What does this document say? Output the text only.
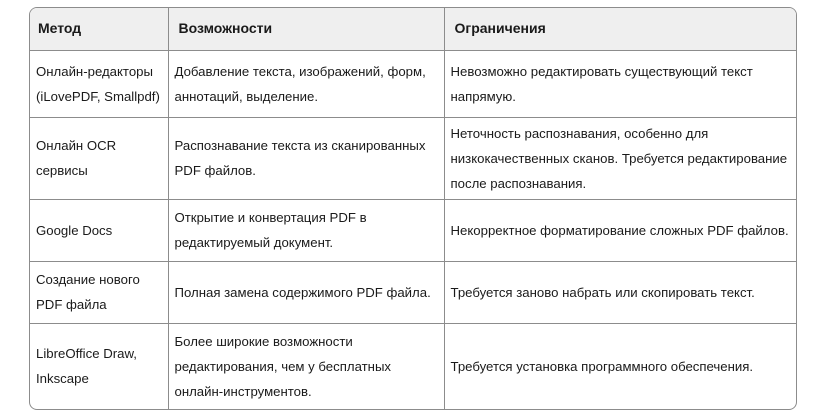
Метод	Возможности	Ограничения
Онлайн-редакторы (iLovePDF, Smallpdf)	Добавление текста, изображений, форм, аннотаций, выделение.	Невозможно редактировать существующий текст напрямую.
Онлайн OCR сервисы	Распознавание текста из сканированных PDF файлов.	Неточность распознавания, особенно для низкокачественных сканов. Требуется редактирование после распознавания.
Google Docs	Открытие и конвертация PDF в редактируемый документ.	Некорректное форматирование сложных PDF файлов.
Создание нового PDF файла	Полная замена содержимого PDF файла.	Требуется заново набрать или скопировать текст.
LibreOffice Draw, Inkscape	Более широкие возможности редактирования, чем у бесплатных онлайн-инструментов.	Требуется установка программного обеспечения.
